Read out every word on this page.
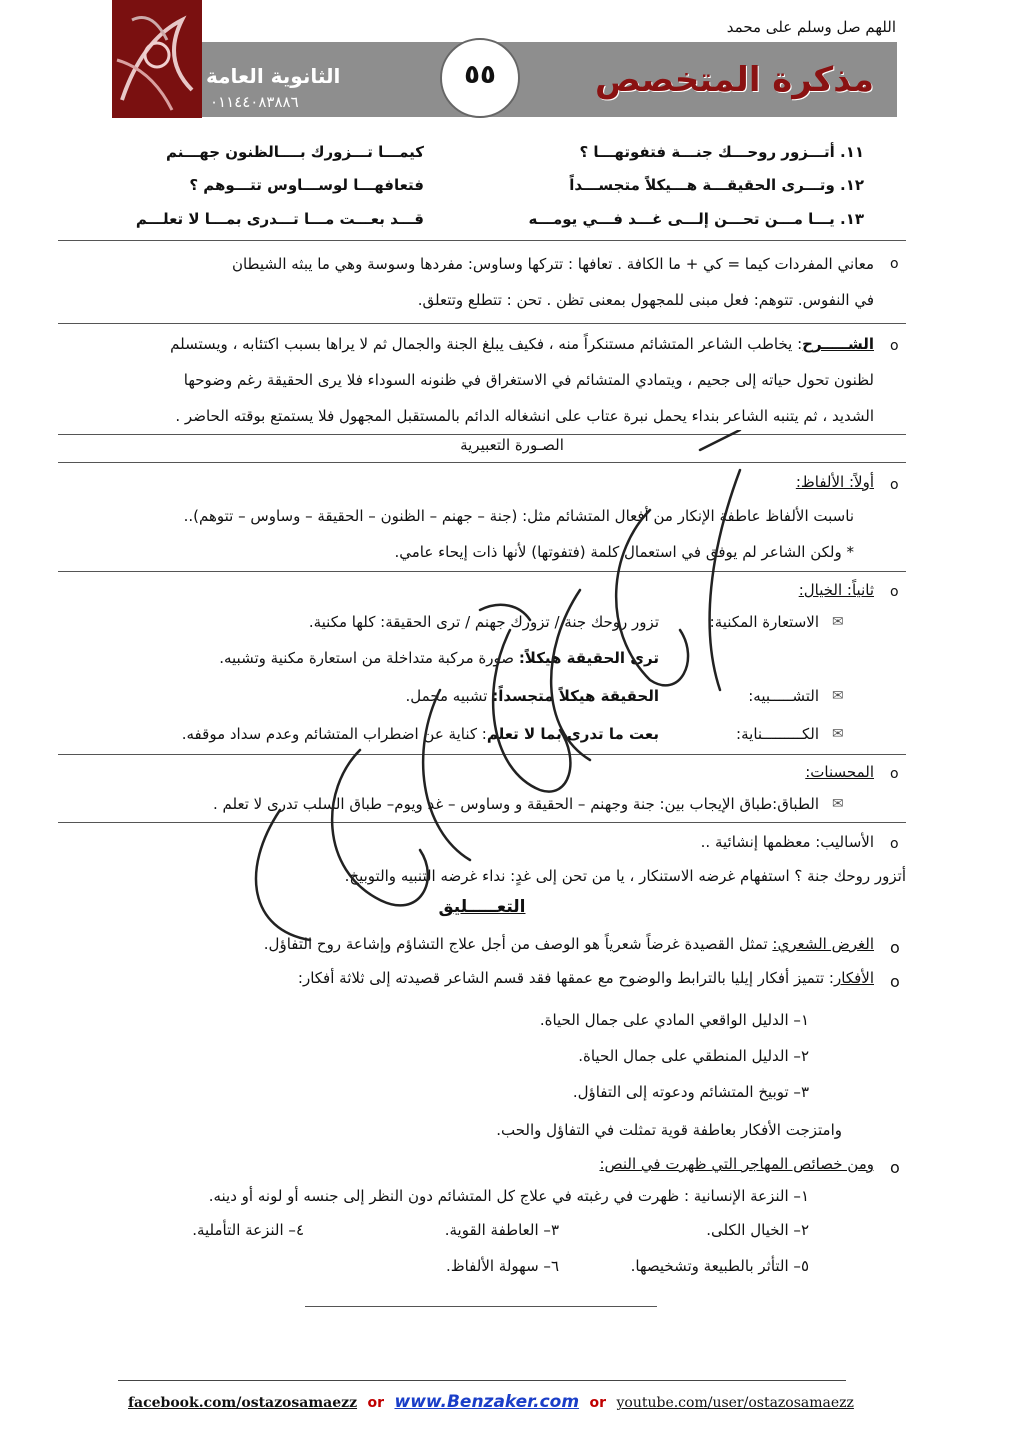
اللهم صل وسلم على محمد
مذكرة المتخصص
الثانوية العامة
٠١١٤٤٠٨٣٨٨٦
٥٥
١١. أتـــزور روحـــك جنـــة فتفوتهـــا ؟
كيمـــا تـــزورك بــــالظنون جهـــنم
١٢. وتـــرى الحقيقـــة هـــيكلاً متجســـداً
فتعافهـــا لوســـاوس تتـــوهم ؟
١٣. يـــا مـــن تحـــن إلـــى غـــد فـــي يومـــه
قـــد بعـــت مـــا تـــدرى بمـــا لا تعلـــم
o
معاني المفردات كيما = كي + ما الكافة . تعافها : تتركها وساوس: مفردها وسوسة وهي ما يبثه الشيطان
في النفوس. تتوهم: فعل مبنى للمجهول بمعنى تظن . تحن : تتطلع وتتعلق.
o
الشـــــرح: يخاطب الشاعر المتشائم مستنكراً منه ، فكيف يبلغ الجنة والجمال ثم لا يراها بسبب اكتئابه ، ويستسلم
لظنون تحول حياته إلى جحيم ، ويتمادي المتشائم في الاستغراق في ظنونه السوداء فلا يرى الحقيقة رغم وضوحها
الشديد ، ثم يتنبه الشاعر بنداء يحمل نبرة عتاب على انشغاله الدائم بالمستقبل المجهول فلا يستمتع بوقته الحاضر .
الصـورة التعبيرية
o
أولاً: الألفاظ:
ناسبت الألفاظ عاطفة الإنكار من أفعال المتشائم مثل: (جنة – جهنم – الظنون – الحقيقة – وساوس – تتوهم)..
* ولكن الشاعر لم يوفق في استعمال كلمة (فتفوتها) لأنها ذات إيحاء عامي.
o
ثانياً: الخيال:
✉
الاستعارة المكنية:
تزور روحك جنة / تزورك جهنم / ترى الحقيقة: كلها مكنية.
ترى الحقيقة هيكلاً: صورة مركبة متداخلة من استعارة مكنية وتشبيه.
✉
التشـــــبيه:
الحقيقة هيكلاً متجسداً: تشبيه مجمل.
✉
الكـــــــــناية:
بعت ما تدرى بما لا تعلم: كناية عن اضطراب المتشائم وعدم سداد موقفه.
o
المحسنات:
✉
الطباق:طباق الإيجاب بين: جنة وجهنم – الحقيقة و وساوس – غد ويوم– طباق السلب تدرى لا تعلم .
o
الأساليب: معظمها إنشائية ..
أتزور روحك جنة ؟ استفهام غرضه الاستنكار ، يا من تحن إلى غدٍ: نداء غرضه التنبيه والتوبيخ.
التعـــــليق
o
الغرض الشعري: تمثل القصيدة غرضاً شعرياً هو الوصف من أجل علاج التشاؤم وإشاعة روح التفاؤل.
o
الأفكار: تتميز أفكار إيليا بالترابط والوضوح مع عمقها فقد قسم الشاعر قصيدته إلى ثلاثة أفكار:
١– الدليل الواقعي المادي على جمال الحياة.
٢– الدليل المنطقي على جمال الحياة.
٣– توبيخ المتشائم ودعوته إلى التفاؤل.
وامتزجت الأفكار بعاطفة قوية تمثلت في التفاؤل والحب.
o
ومن خصائص المهاجر التي ظهرت في النص:
١– النزعة الإنسانية : ظهرت في رغبته في علاج كل المتشائم دون النظر إلى جنسه أو لونه أو دينه.
٢– الخيال الكلى.
٣– العاطفة القوية.
٤– النزعة التأملية.
٥– التأثر بالطبيعة وتشخيصها.
٦– سهولة الألفاظ.
facebook.com/ostazosamaezz or www.Benzaker.com or youtube.com/user/ostazosamaezz
